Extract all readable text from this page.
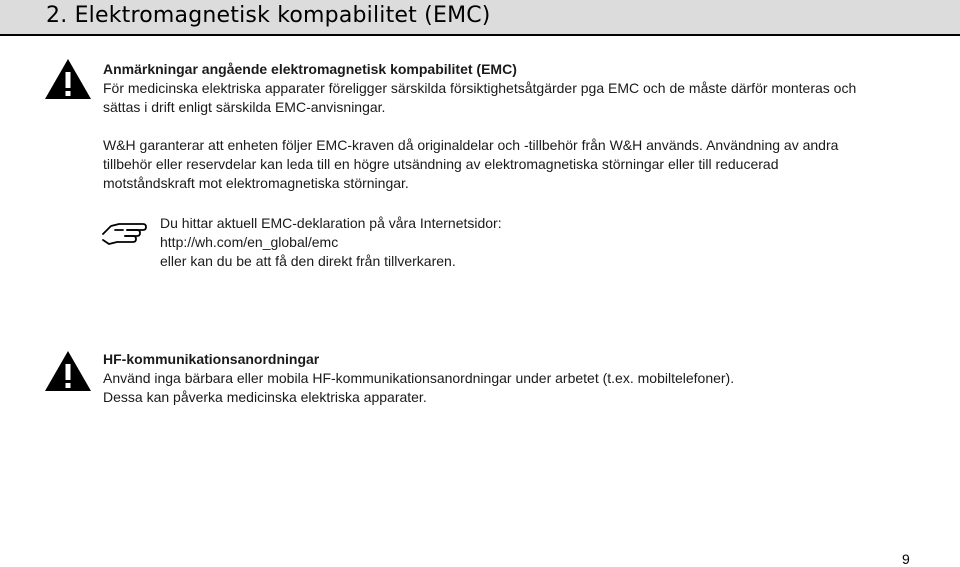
2. Elektromagnetisk kompabilitet (EMC)

Anmärkningar angående elektromagnetisk kompabilitet (EMC)

För medicinska elektriska apparater föreligger särskilda försiktighetsåtgärder pga EMC och de måste därför monteras och

sättas i drift enligt särskilda EMC-anvisningar.

W&H garanterar att enheten följer EMC-kraven då originaldelar och -tillbehör från W&H används. Användning av andra

tillbehör eller reservdelar kan leda till en högre utsändning av elektromagnetiska störningar eller till reducerad

motståndskraft mot elektromagnetiska störningar.

Du hittar aktuell EMC-deklaration på våra Internetsidor:

http://wh.com/en_global/emc

eller kan du be att få den direkt från tillverkaren.

HF-kommunikationsanordningar

Använd inga bärbara eller mobila HF-kommunikationsanordningar under arbetet (t.ex. mobiltelefoner).

Dessa kan påverka medicinska elektriska apparater.

9
